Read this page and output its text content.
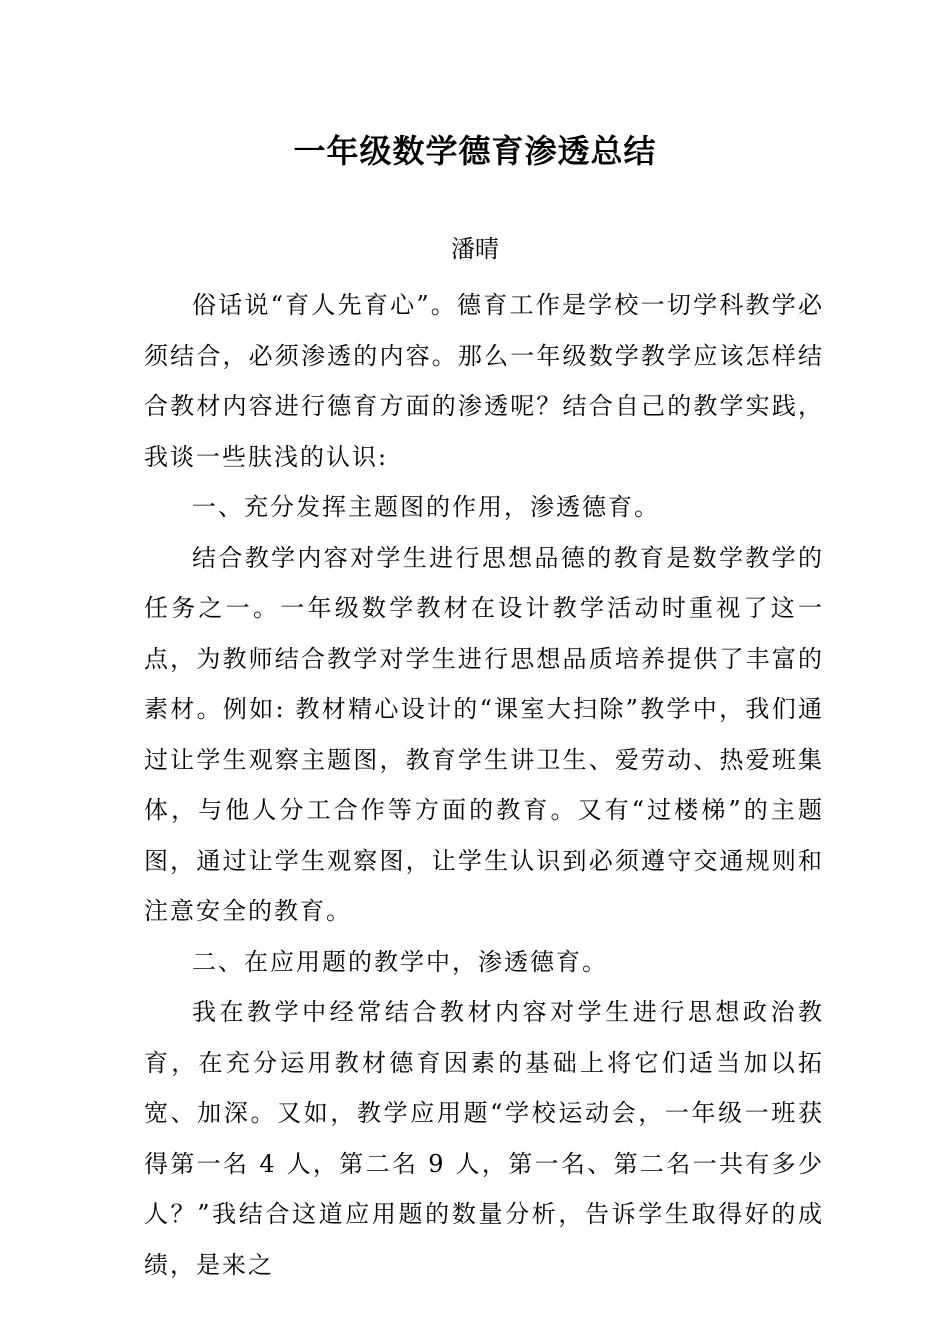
一年级数学德育渗透总结
潘晴

俗话说“育人先育心”。德育工作是学校一切学科教学必须结合，必须渗透的内容。那么一年级数学教学应该怎样结合教材内容进行德育方面的渗透呢？结合自己的教学实践，我谈一些肤浅的认识:

一、充分发挥主题图的作用，渗透德育。

结合教学内容对学生进行思想品德的教育是数学教学的任务之一。一年级数学教材在设计教学活动时重视了这一点，为教师结合教学对学生进行思想品质培养提供了丰富的素材。例如: 教材精心设计的“课室大扫除”教学中，我们通过让学生观察主题图，教育学生讲卫生、爱劳动、热爱班集体，与他人分工合作等方面的教育。又有“过楼梯”的主题图，通过让学生观察图，让学生认识到必须遵守交通规则和注意安全的教育。

二、在应用题的教学中，渗透德育。

我在教学中经常结合教材内容对学生进行思想政治教育，在充分运用教材德育因素的基础上将它们适当加以拓宽、加深。又如，教学应用题“学校运动会，一年级一班获得第一名 4 人，第二名 9 人，第一名、第二名一共有多少人？”我结合这道应用题的数量分析，告诉学生取得好的成绩，是来之
